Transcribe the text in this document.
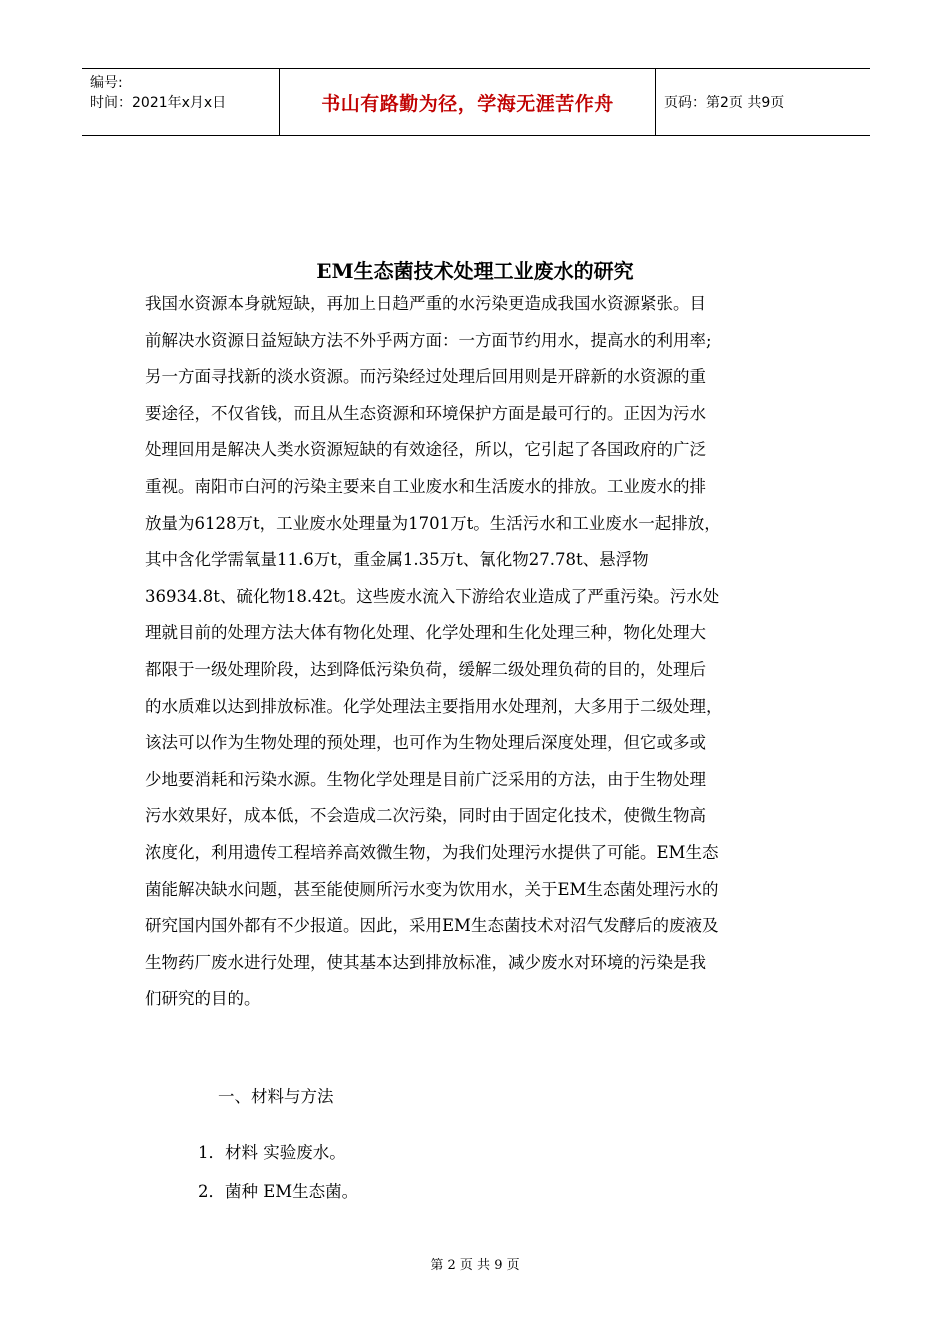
编号:
时间：2021年x月x日	书山有路勤为径，学海无涯苦作舟	页码：第2页 共9页
EM生态菌技术处理工业废水的研究
我国水资源本身就短缺，再加上日趋严重的水污染更造成我国水资源紧张。目
前解决水资源日益短缺方法不外乎两方面：一方面节约用水，提高水的利用率;
另一方面寻找新的淡水资源。而污染经过处理后回用则是开辟新的水资源的重
要途径，不仅省钱，而且从生态资源和环境保护方面是最可行的。正因为污水
处理回用是解决人类水资源短缺的有效途径，所以，它引起了各国政府的广泛
重视。南阳市白河的污染主要来自工业废水和生活废水的排放。工业废水的排
放量为6128万t，工业废水处理量为1701万t。生活污水和工业废水一起排放，
其中含化学需氧量11.6万t，重金属1.35万t、氰化物27.78t、悬浮物
36934.8t、硫化物18.42t。这些废水流入下游给农业造成了严重污染。污水处
理就目前的处理方法大体有物化处理、化学处理和生化处理三种，物化处理大
都限于一级处理阶段，达到降低污染负荷，缓解二级处理负荷的目的，处理后
的水质难以达到排放标准。化学处理法主要指用水处理剂，大多用于二级处理，
该法可以作为生物处理的预处理，也可作为生物处理后深度处理，但它或多或
少地要消耗和污染水源。生物化学处理是目前广泛采用的方法，由于生物处理
污水效果好，成本低，不会造成二次污染，同时由于固定化技术，使微生物高
浓度化，利用遗传工程培养高效微生物，为我们处理污水提供了可能。EM生态
菌能解决缺水问题，甚至能使厕所污水变为饮用水，关于EM生态菌处理污水的
研究国内国外都有不少报道。因此，采用EM生态菌技术对沼气发酵后的废液及
生物药厂废水进行处理，使其基本达到排放标准，减少废水对环境的污染是我
们研究的目的。
一、材料与方法
1．材料 实验废水。
2．菌种 EM生态菌。
第 2 页 共 9 页
